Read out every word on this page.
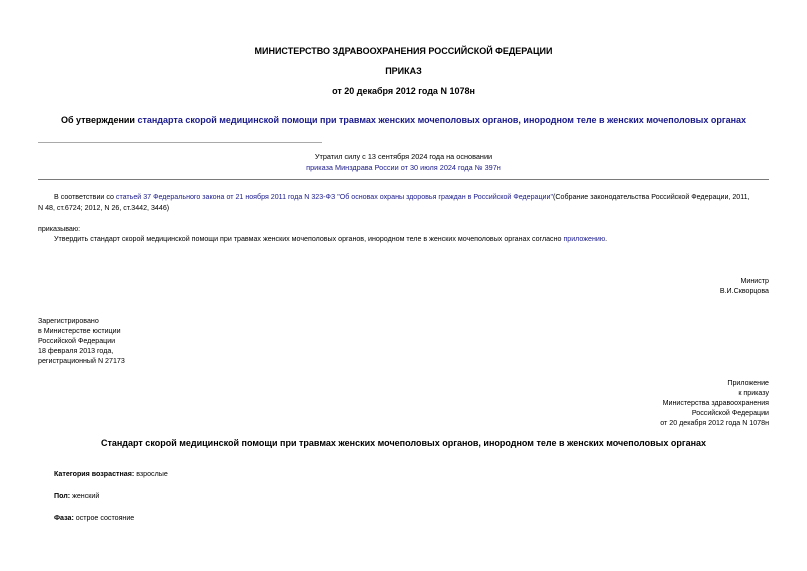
МИНИСТЕРСТВО ЗДРАВООХРАНЕНИЯ РОССИЙСКОЙ ФЕДЕРАЦИИ
ПРИКАЗ
от 20 декабря 2012 года N 1078н
Об утверждении стандарта скорой медицинской помощи при травмах женских мочеполовых органов, инородном теле в женских мочеполовых органах
Утратил силу с 13 сентября 2024 года на основании
приказа Минздрава России от 30 июля 2024 года № 397н
В соответствии со статьей 37 Федерального закона от 21 ноября 2011 года N 323-ФЗ "Об основах охраны здоровья граждан в Российской Федерации"(Собрание законодательства Российской Федерации, 2011,
N 48, ст.6724; 2012, N 26, ст.3442, 3446)
приказываю:
Утвердить стандарт скорой медицинской помощи при травмах женских мочеполовых органов, инородном теле в женских мочеполовых органах согласно приложению.
Министр
В.И.Скворцова
Зарегистрировано
в Министерстве юстиции
Российской Федерации
18 февраля 2013 года,
регистрационный N 27173
Приложение
к приказу
Министерства здравоохранения
Российской Федерации
от 20 декабря 2012 года N 1078н
Стандарт скорой медицинской помощи при травмах женских мочеполовых органов, инородном теле в женских мочеполовых органах
Категория возрастная: взрослые
Пол: женский
Фаза: острое состояние
